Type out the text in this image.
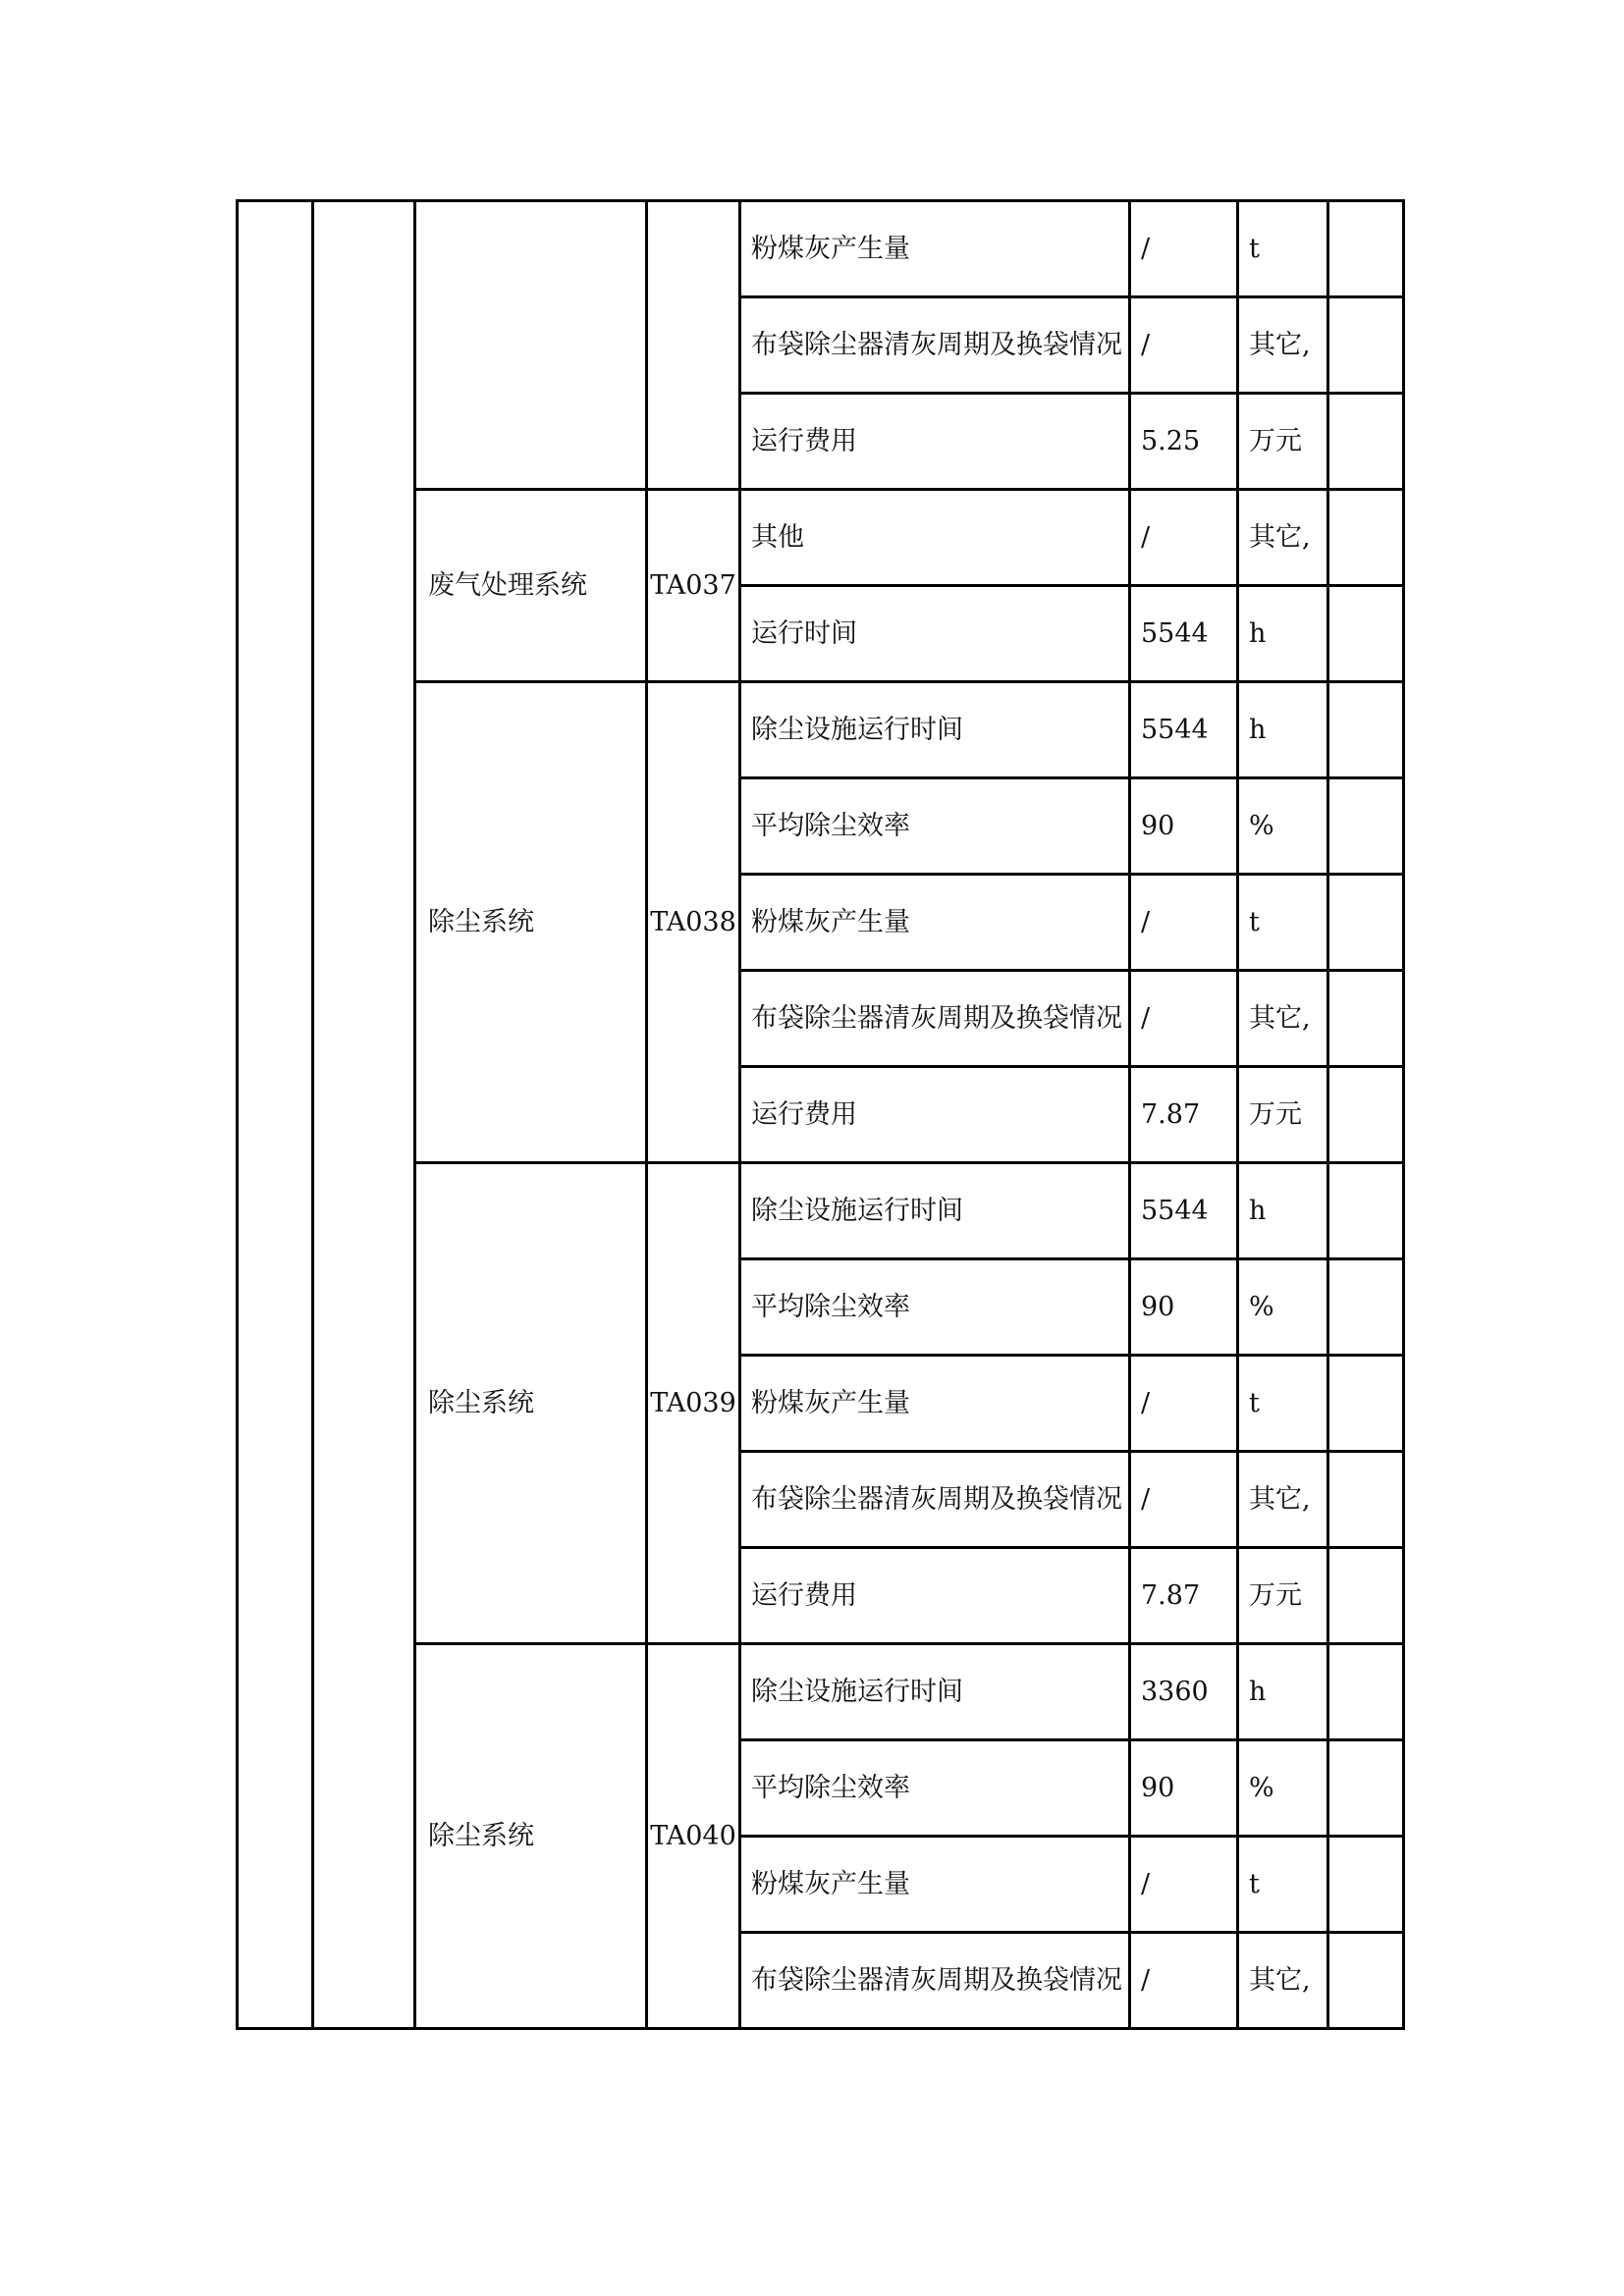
				粉煤灰产生量	/	t	
				布袋除尘器清灰周期及换袋情况	/	其它,	
				运行费用	5.25	万元	
		废气处理系统	TA037	其他	/	其它,	
				运行时间	5544	h	
		除尘系统	TA038	除尘设施运行时间	5544	h	
				平均除尘效率	90	%	
				粉煤灰产生量	/	t	
				布袋除尘器清灰周期及换袋情况	/	其它,	
				运行费用	7.87	万元	
		除尘系统	TA039	除尘设施运行时间	5544	h	
				平均除尘效率	90	%	
				粉煤灰产生量	/	t	
				布袋除尘器清灰周期及换袋情况	/	其它,	
				运行费用	7.87	万元	
		除尘系统	TA040	除尘设施运行时间	3360	h	
				平均除尘效率	90	%	
				粉煤灰产生量	/	t	
				布袋除尘器清灰周期及换袋情况	/	其它,	
